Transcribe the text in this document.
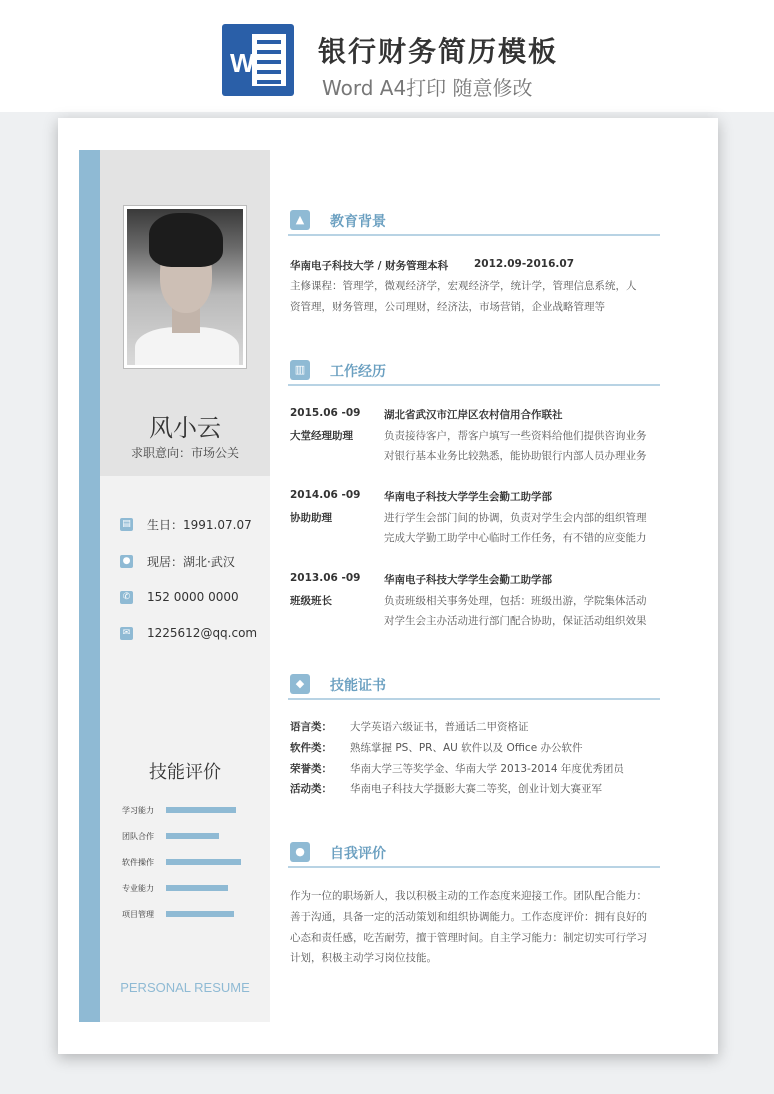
W 银行财务简历模板
Word A4打印 随意修改
风小云
求职意向：市场公关
▤ 生日：1991.07.07
● 现居：湖北·武汉
✆ 152 0000 0000
✉ 1225612@qq.com
技能评价
学习能力
团队合作
软件操作
专业能力
项目管理
PERSONAL RESUME
▲	教育背景
华南电子科技大学 / 财务管理本科 2012.09-2016.07
主修课程：管理学，微观经济学，宏观经济学，统计学，管理信息系统，人
资管理，财务管理，公司理财，经济法，市场营销，企业战略管理等
▥	工作经历
2015.06 -09 湖北省武汉市江岸区农村信用合作联社
大堂经理助理	负责接待客户，帮客户填写一些资料给他们提供咨询业务
对银行基本业务比较熟悉，能协助银行内部人员办理业务
2014.06 -09 华南电子科技大学学生会勤工助学部
协助助理	进行学生会部门间的协调，负责对学生会内部的组织管理
完成大学勤工助学中心临时工作任务，有不错的应变能力
2013.06 -09 华南电子科技大学学生会勤工助学部
班级班长	负责班级相关事务处理，包括：班级出游，学院集体活动
对学生会主办活动进行部门配合协助，保证活动组织效果
◆	技能证书
语言类： 大学英语六级证书，普通话二甲资格证
软件类： 熟练掌握 PS、PR、AU 软件以及 Office 办公软件
荣誉类： 华南大学三等奖学金、华南大学 2013-2014 年度优秀团员
活动类： 华南电子科技大学摄影大赛二等奖，创业计划大赛亚军
●	自我评价
作为一位的职场新人，我以积极主动的工作态度来迎接工作。团队配合能力：
善于沟通，具备一定的活动策划和组织协调能力。工作态度评价：拥有良好的
心态和责任感，吃苦耐劳，擅于管理时间。自主学习能力：制定切实可行学习
计划，积极主动学习岗位技能。
